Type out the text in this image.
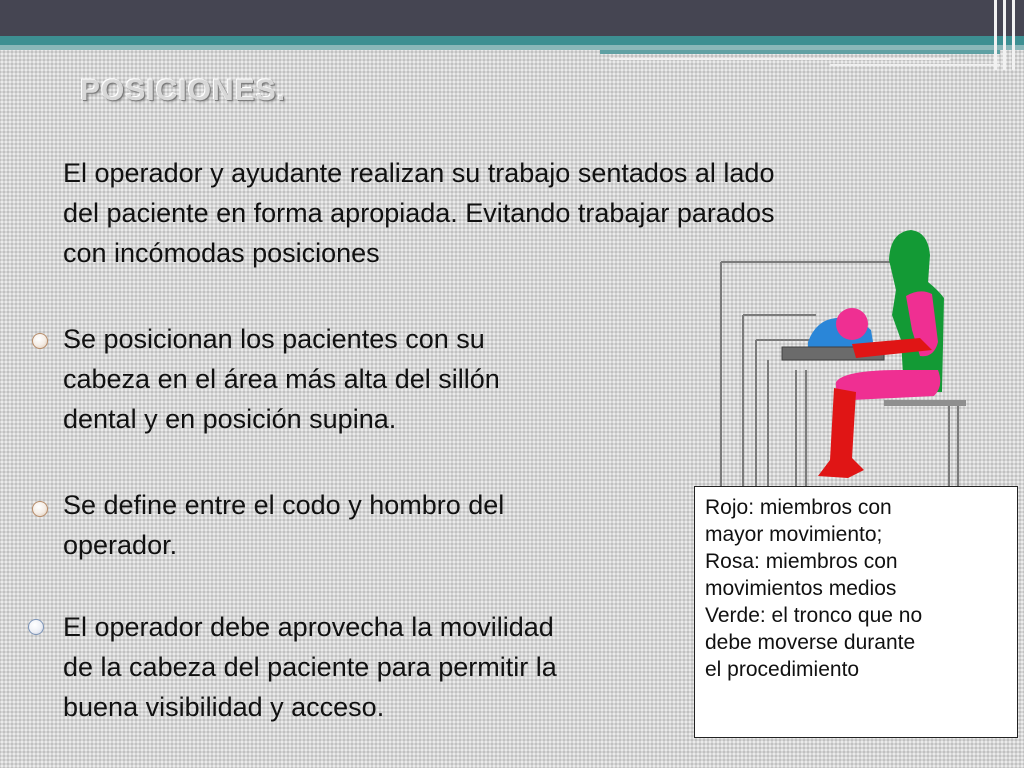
POSICIONES.
El operador y ayudante realizan su trabajo sentados al lado
del paciente en forma apropiada. Evitando trabajar parados
con incómodas posiciones
Se posicionan los pacientes con su
cabeza en el área más alta del sillón
dental y en posición supina.
Se define entre el codo y hombro del
operador.
El operador debe aprovecha la movilidad
de la cabeza del paciente para permitir la
buena visibilidad y acceso.
Rojo: miembros con
mayor movimiento;
Rosa: miembros con
movimientos medios
Verde: el tronco que no
debe moverse durante
el procedimiento
